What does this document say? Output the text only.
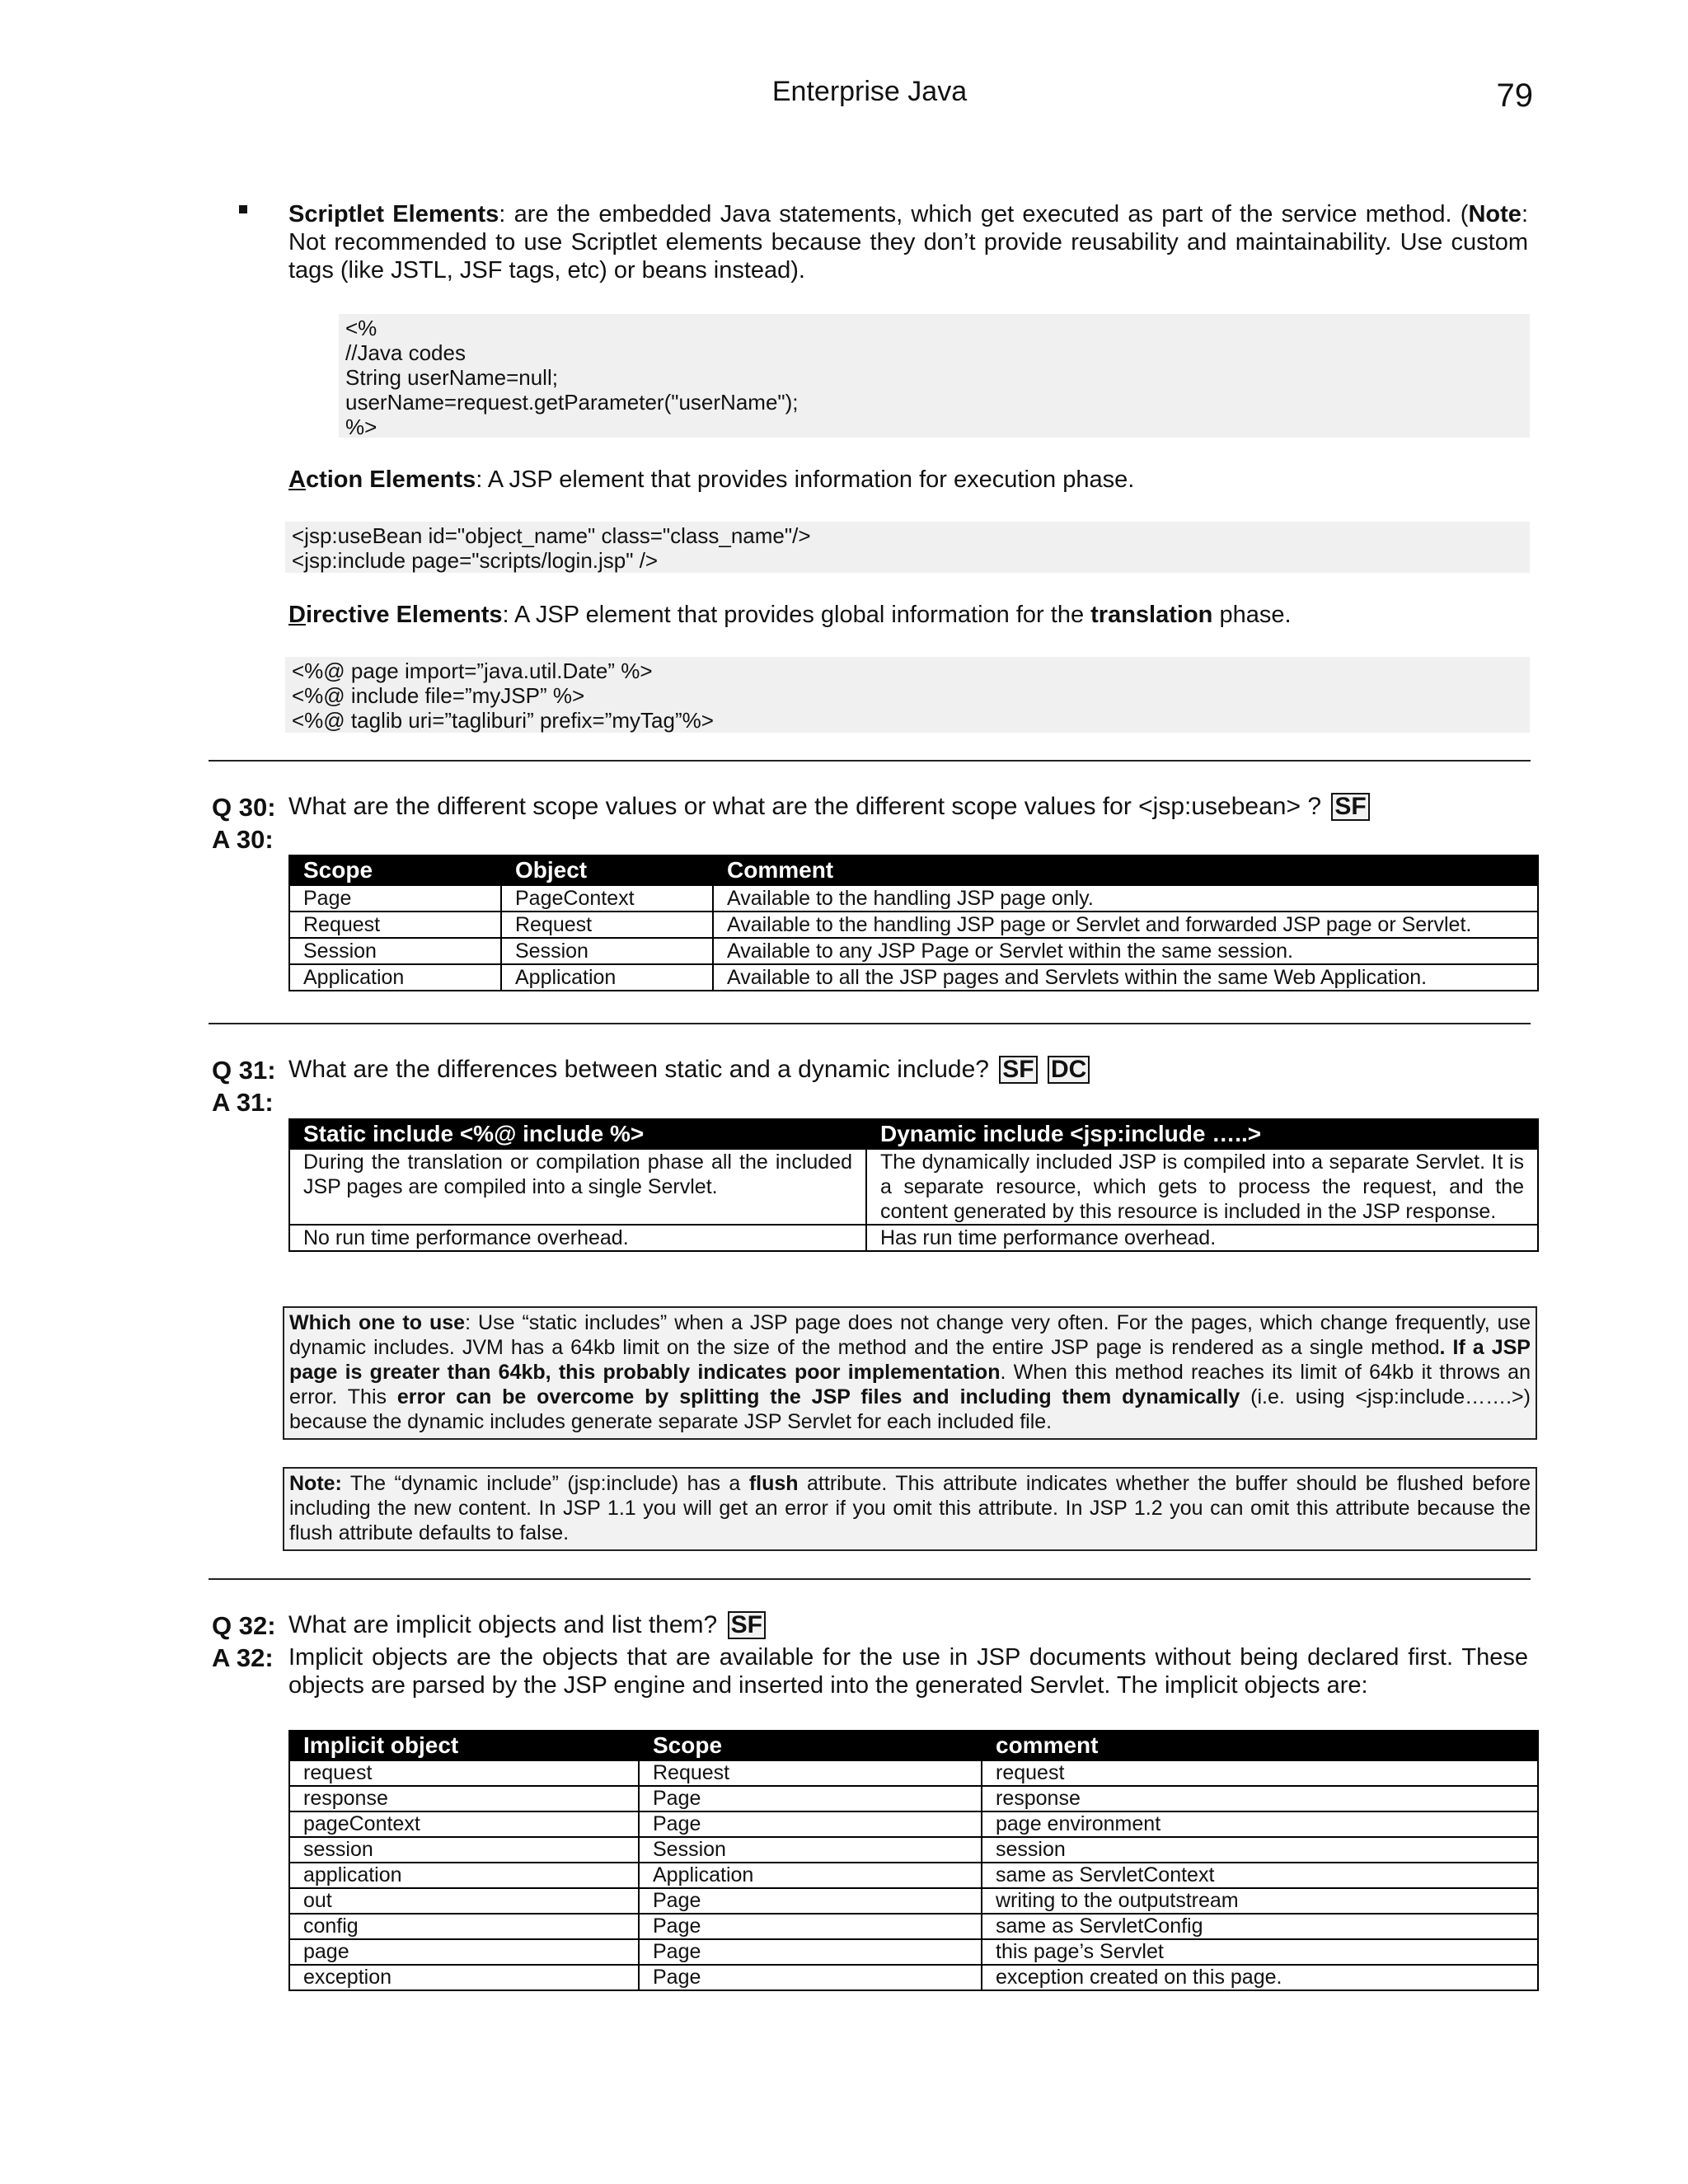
Enterprise Java	79
Scriptlet Elements: are the embedded Java statements, which get executed as part of the service method. (Note: Not recommended to use Scriptlet elements because they don’t provide reusability and maintainability. Use custom tags (like JSTL, JSF tags, etc) or beans instead).
<%
//Java codes
String userName=null;
userName=request.getParameter("userName");
%>
Action Elements: A JSP element that provides information for execution phase.
<jsp:useBean id="object_name" class="class_name"/>
<jsp:include page="scripts/login.jsp" />
Directive Elements: A JSP element that provides global information for the translation phase.
<%@ page import=”java.util.Date” %>
<%@ include file=”myJSP” %>
<%@ taglib uri=”tagliburi” prefix=”myTag”%>
Q 30: What are the different scope values or what are the different scope values for <jsp:usebean> ? SF
A 30:
Scope	Object	Comment
Page	PageContext	Available to the handling JSP page only.
Request	Request	Available to the handling JSP page or Servlet and forwarded JSP page or Servlet.
Session	Session	Available to any JSP Page or Servlet within the same session.
Application	Application	Available to all the JSP pages and Servlets within the same Web Application.
Q 31: What are the differences between static and a dynamic include? SF DC
A 31:
Static include <%@ include %>	Dynamic include <jsp:include …..>
During the translation or compilation phase all the included JSP pages are compiled into a single Servlet.	The dynamically included JSP is compiled into a separate Servlet. It is a separate resource, which gets to process the request, and the content generated by this resource is included in the JSP response.
No run time performance overhead.	Has run time performance overhead.
Which one to use: Use “static includes” when a JSP page does not change very often. For the pages, which change frequently, use dynamic includes. JVM has a 64kb limit on the size of the method and the entire JSP page is rendered as a single method. If a JSP page is greater than 64kb, this probably indicates poor implementation. When this method reaches its limit of 64kb it throws an error. This error can be overcome by splitting the JSP files and including them dynamically (i.e. using <jsp:include…….>) because the dynamic includes generate separate JSP Servlet for each included file.
Note: The “dynamic include” (jsp:include) has a flush attribute. This attribute indicates whether the buffer should be flushed before including the new content. In JSP 1.1 you will get an error if you omit this attribute. In JSP 1.2 you can omit this attribute because the flush attribute defaults to false.
Q 32: What are implicit objects and list them? SF
A 32: Implicit objects are the objects that are available for the use in JSP documents without being declared first. These objects are parsed by the JSP engine and inserted into the generated Servlet. The implicit objects are:
Implicit object	Scope	comment
request	Request	request
response	Page	response
pageContext	Page	page environment
session	Session	session
application	Application	same as ServletContext
out	Page	writing to the outputstream
config	Page	same as ServletConfig
page	Page	this page’s Servlet
exception	Page	exception created on this page.
